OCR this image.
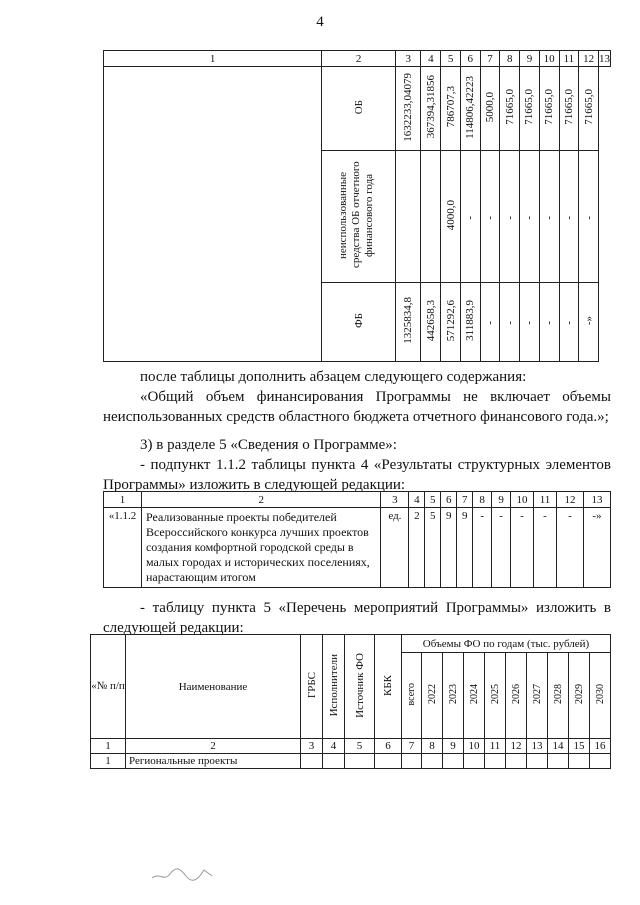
4
1	2	3	4	5	6	7	8	9	10	11	12	13
	ОБ	1632233,04079	367394,31856	786707,3	114806,42223	5000,0	71665,0	71665,0	71665,0	71665,0	71665,0	
	неиспользованные средства ОБ отчетного финансового года			4000,0	-	-	-	-	-	-	-	
	ФБ	1325834,8	442658,3	571292,6	311883,9	-	-	-	-	-	-»	
после таблицы дополнить абзацем следующего содержания:
«Общий объем финансирования Программы не включает объемы неиспользованных средств областного бюджета отчетного финансового года.»;
3) в разделе 5 «Сведения о Программе»:
- подпункт 1.1.2 таблицы пункта 4 «Результаты структурных элементов Программы» изложить в следующей редакции:
1	2	3	4	5	6	7	8	9	10	11	12	13
«1.1.2	Реализованные проекты победителей Всероссийского конкурса лучших проектов создания комфортной городской среды в малых городах и исторических поселениях, нарастающим итогом	ед.	2	5	9	9	-	-	-	-	-	-»
- таблицу пункта 5 «Перечень мероприятий Программы» изложить в следующей редакции:
«№ п/п	Наименование	ГРБС	Исполнители	Источник ФО	КБК	Объемы ФО по годам (тыс. рублей)									
						всего	2022	2023	2024	2025	2026	2027	2028	2029	2030
1	2	3	4	5	6	7	8	9	10	11	12	13	14	15	16
1	Региональные проекты														
